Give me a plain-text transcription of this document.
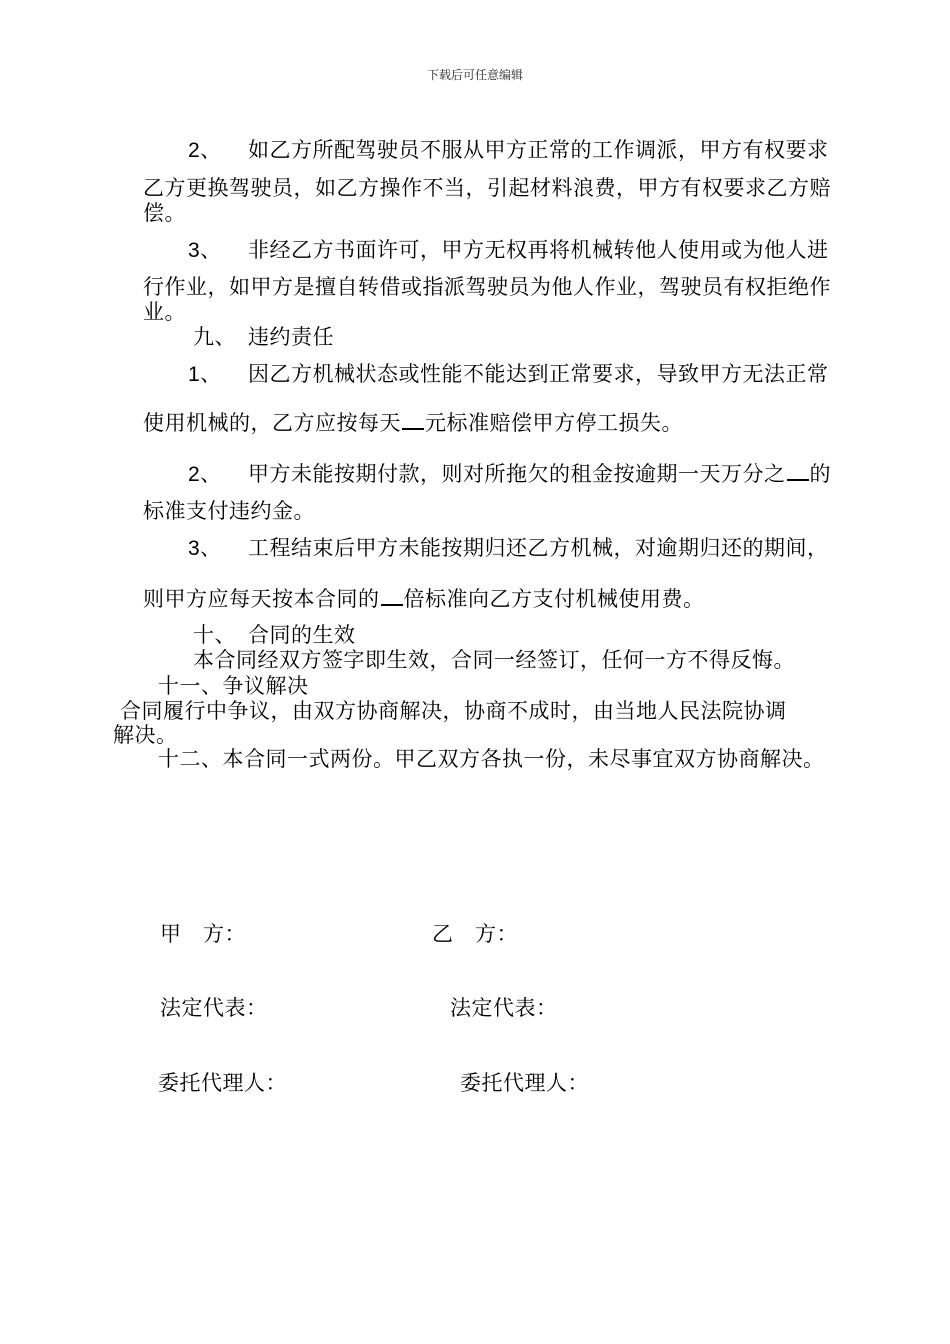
下载后可任意编辑
2、 如乙方所配驾驶员不服从甲方正常的工作调派，甲方有权要求
乙方更换驾驶员，如乙方操作不当，引起材料浪费，甲方有权要求乙方赔
偿。
3、 非经乙方书面许可，甲方无权再将机械转他人使用或为他人进
行作业，如甲方是擅自转借或指派驾驶员为他人作业，驾驶员有权拒绝作
业。
九、 违约责任
1、 因乙方机械状态或性能不能达到正常要求，导致甲方无法正常
使用机械的，乙方应按每天 元标准赔偿甲方停工损失。
2、 甲方未能按期付款，则对所拖欠的租金按逾期一天万分之 的
标准支付违约金。
3、 工程结束后甲方未能按期归还乙方机械，对逾期归还的期间，
则甲方应每天按本合同的 倍标准向乙方支付机械使用费。
十、 合同的生效
本合同经双方签字即生效，合同一经签订，任何一方不得反悔。
十一、争议解决
合同履行中争议，由双方协商解决，协商不成时，由当地人民法院协调
解决。
十二、本合同一式两份。甲乙双方各执一份，未尽事宜双方协商解决。
甲　方：	乙　方：
法定代表：	法定代表：
委托代理人：	委托代理人：
